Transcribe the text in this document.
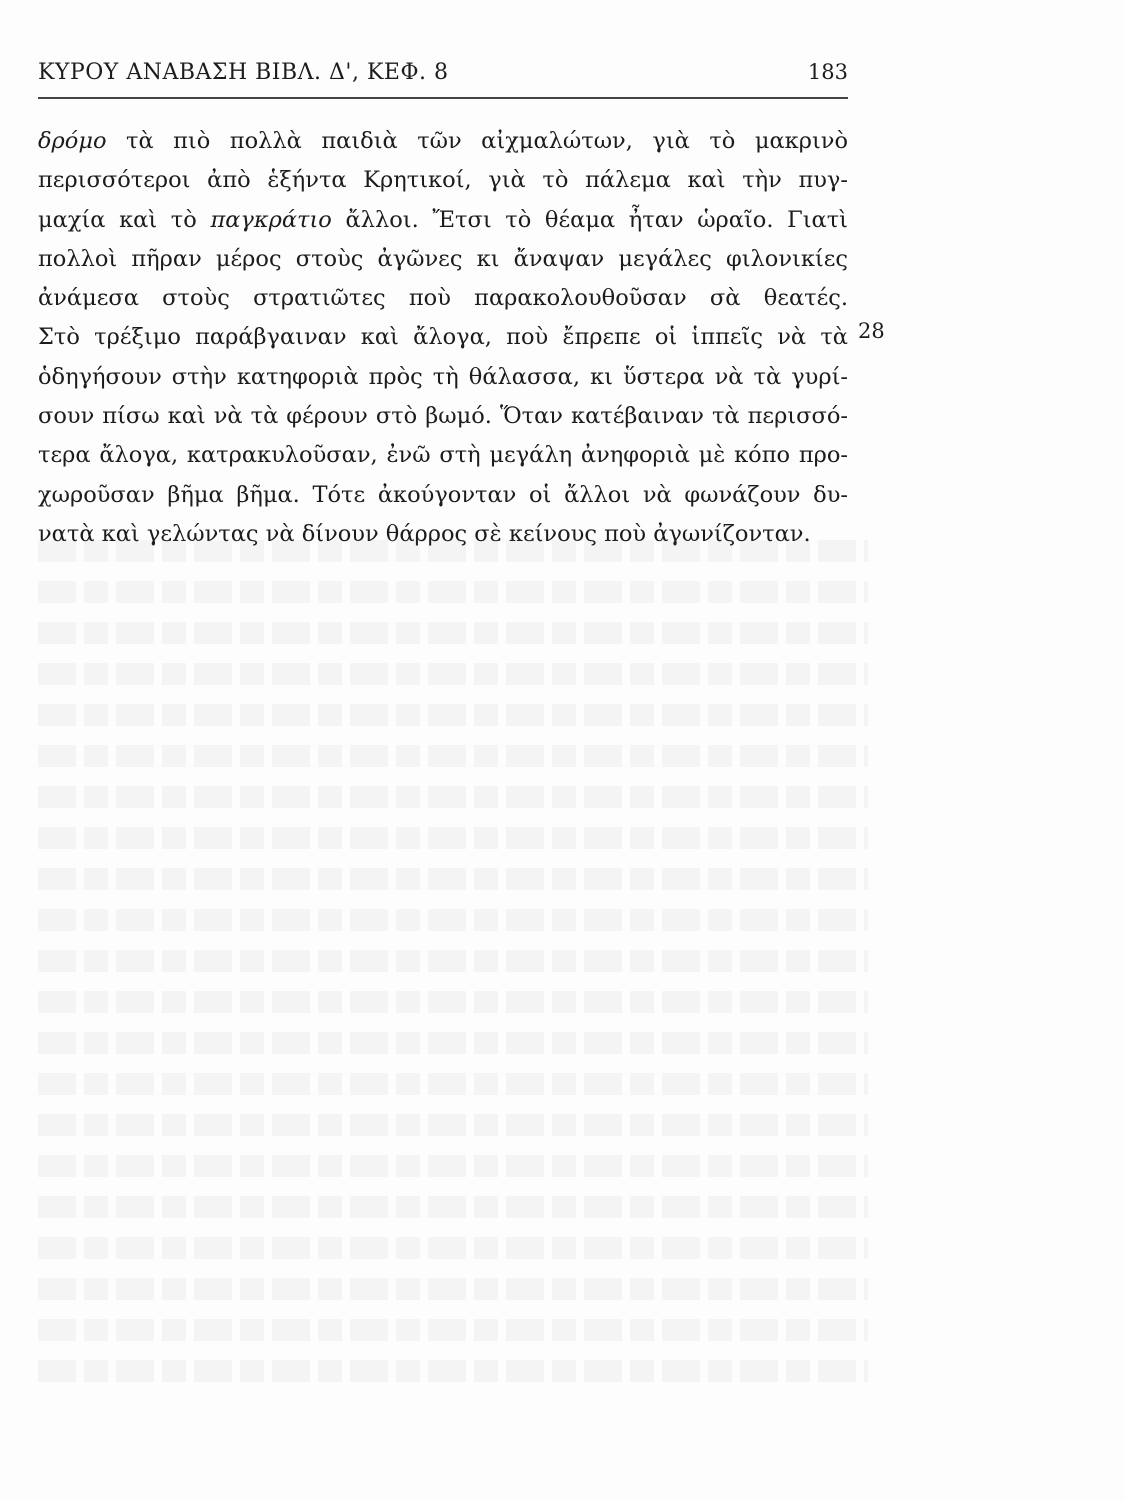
ΚΥΡΟΥ ΑΝΑΒΑΣΗ ΒΙΒΛ. Δ', ΚΕΦ. 8	183
δρόμο τὰ πιὸ πολλὰ παιδιὰ τῶν αἰχμαλώτων, γιὰ τὸ μακρινὸ
περισσότεροι ἀπὸ ἑξήντα Κρητικοί, γιὰ τὸ πάλεμα καὶ τὴν πυγ-
μαχία καὶ τὸ παγκράτιο ἄλλοι. Ἔτσι τὸ θέαμα ἦταν ὡραῖο. Γιατὶ
πολλοὶ πῆραν μέρος στοὺς ἀγῶνες κι ἄναψαν μεγάλες φιλονικίες
ἀνάμεσα στοὺς στρατιῶτες ποὺ παρακολουθοῦσαν σὰ θεατές.
Στὸ τρέξιμο παράβγαιναν καὶ ἄλογα, ποὺ ἔπρεπε οἱ ἱππεῖς νὰ τὰ
ὁδηγήσουν στὴν κατηφοριὰ πρὸς τὴ θάλασσα, κι ὕστερα νὰ τὰ γυρί-
σουν πίσω καὶ νὰ τὰ φέρουν στὸ βωμό. Ὅταν κατέβαιναν τὰ περισσό-
τερα ἄλογα, κατρακυλοῦσαν, ἐνῶ στὴ μεγάλη ἀνηφοριὰ μὲ κόπο προ-
χωροῦσαν βῆμα βῆμα. Τότε ἀκούγονταν οἱ ἄλλοι νὰ φωνάζουν δυ-
νατὰ καὶ γελώντας νὰ δίνουν θάρρος σὲ κείνους ποὺ ἀγωνίζονταν.
28
